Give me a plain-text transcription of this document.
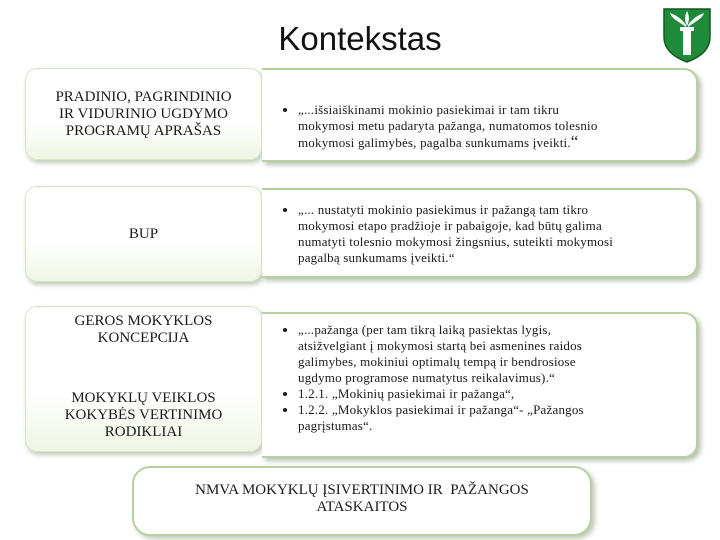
Kontekstas
PRADINIO, PAGRINDINIO
IR VIDURINIO UGDYMO
PROGRAMŲ APRAŠAS
BUP
GEROS MOKYKLOS
KONCEPCIJA
MOKYKLŲ VEIKLOS
KOKYBĖS VERTINIMO
RODIKLIAI
• „...išsiaiškinami mokinio pasiekimai ir tam tikru
mokymosi metu padaryta pažanga, numatomos tolesnio
mokymosi galimybės, pagalba sunkumams įveikti.“
• „... nustatyti mokinio pasiekimus ir pažangą tam tikro
mokymosi etapo pradžioje ir pabaigoje, kad būtų galima
numatyti tolesnio mokymosi žingsnius, suteikti mokymosi
pagalbą sunkumams įveikti.“
• „...pažanga (per tam tikrą laiką pasiektas lygis,
atsižvelgiant į mokymosi startą bei asmenines raidos
galimybes, mokiniui optimalų tempą ir bendrosiose
ugdymo programose numatytus reikalavimus).“
• 1.2.1. „Mokinių pasiekimai ir pažanga“,
• 1.2.2. „Mokyklos pasiekimai ir pažanga“- „Pažangos
pagrįstumas“.
NMVA MOKYKLŲ ĮSIVERTINIMO IR  PAŽANGOS
ATASKAITOS
